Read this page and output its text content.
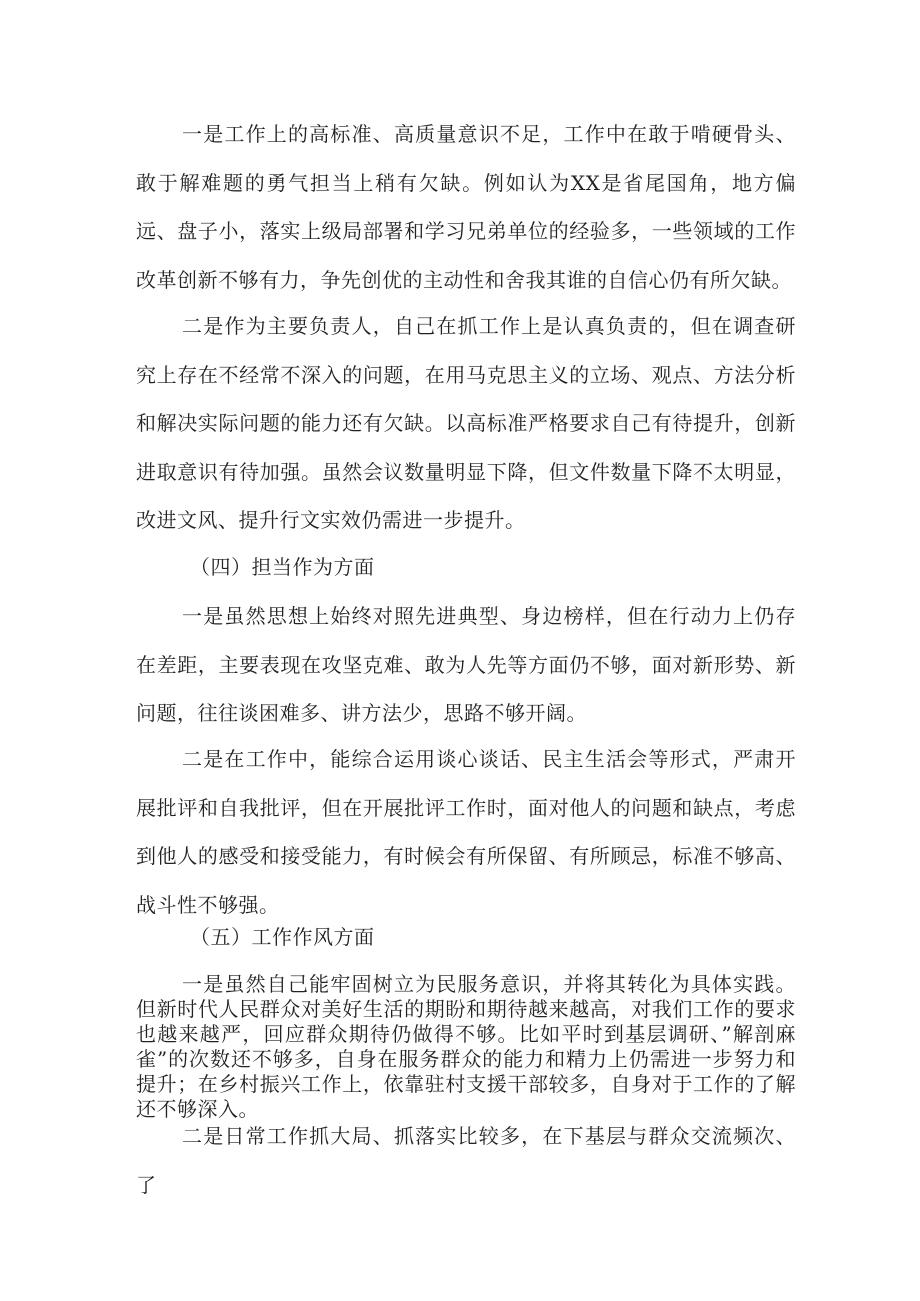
一是工作上的高标准、高质量意识不足，工作中在敢于啃硬骨头、敢于解难题的勇气担当上稍有欠缺。例如认为XX是省尾国角，地方偏远、盘子小，落实上级局部署和学习兄弟单位的经验多，一些领域的工作改革创新不够有力，争先创优的主动性和舍我其谁的自信心仍有所欠缺。

二是作为主要负责人，自己在抓工作上是认真负责的，但在调查研究上存在不经常不深入的问题，在用马克思主义的立场、观点、方法分析和解决实际问题的能力还有欠缺。以高标准严格要求自己有待提升，创新进取意识有待加强。虽然会议数量明显下降，但文件数量下降不太明显，改进文风、提升行文实效仍需进一步提升。

（四）担当作为方面

一是虽然思想上始终对照先进典型、身边榜样，但在行动力上仍存在差距，主要表现在攻坚克难、敢为人先等方面仍不够，面对新形势、新问题，往往谈困难多、讲方法少，思路不够开阔。

二是在工作中，能综合运用谈心谈话、民主生活会等形式，严肃开展批评和自我批评，但在开展批评工作时，面对他人的问题和缺点，考虑到他人的感受和接受能力，有时候会有所保留、有所顾忌，标准不够高、战斗性不够强。

（五）工作作风方面

一是虽然自己能牢固树立为民服务意识，并将其转化为具体实践。但新时代人民群众对美好生活的期盼和期待越来越高，对我们工作的要求也越来越严，回应群众期待仍做得不够。比如平时到基层调研、”解剖麻雀”的次数还不够多，自身在服务群众的能力和精力上仍需进一步努力和提升；在乡村振兴工作上，依靠驻村支援干部较多，自身对于工作的了解还不够深入。

二是日常工作抓大局、抓落实比较多，在下基层与群众交流频次、了
